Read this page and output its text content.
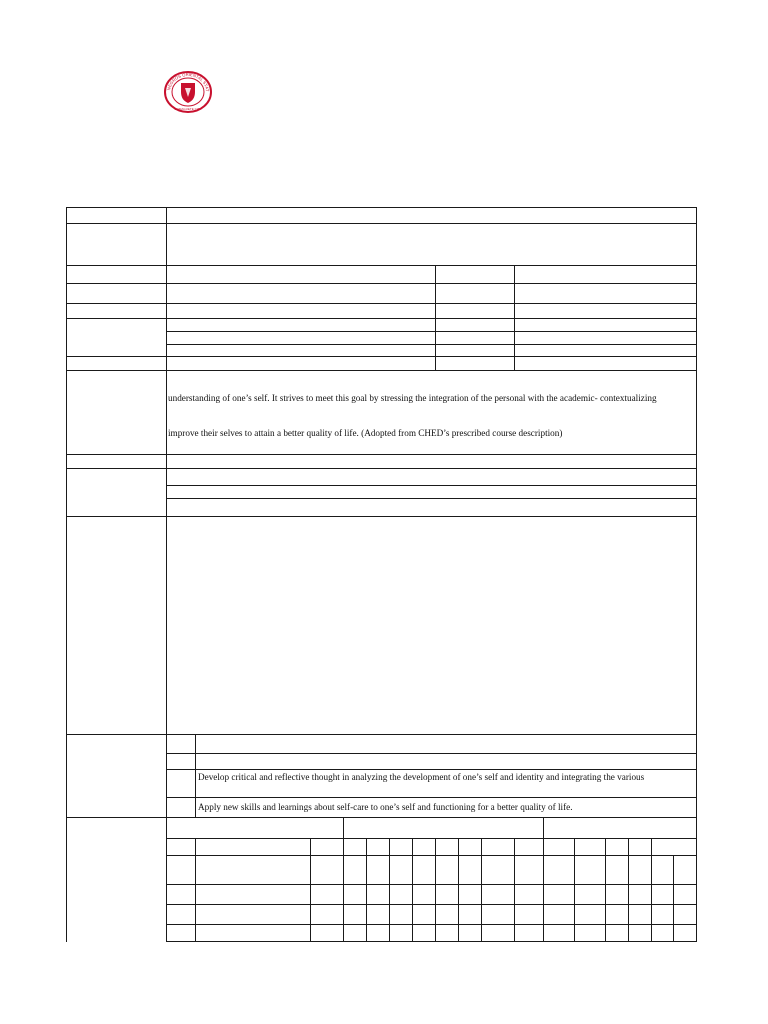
NEGROS ORIENTAL STAT
DUMAGUETE CITY
understanding of one’s self. It strives to meet this goal by stressing the integration of the personal with the academic- contextualizing
improve their selves to attain a better quality of life. (Adopted from CHED’s prescribed course description)
Develop critical and reflective thought in analyzing the development of one’s self and identity and integrating the various
Apply new skills and learnings about self-care to one’s self and functioning for a better quality of life.
